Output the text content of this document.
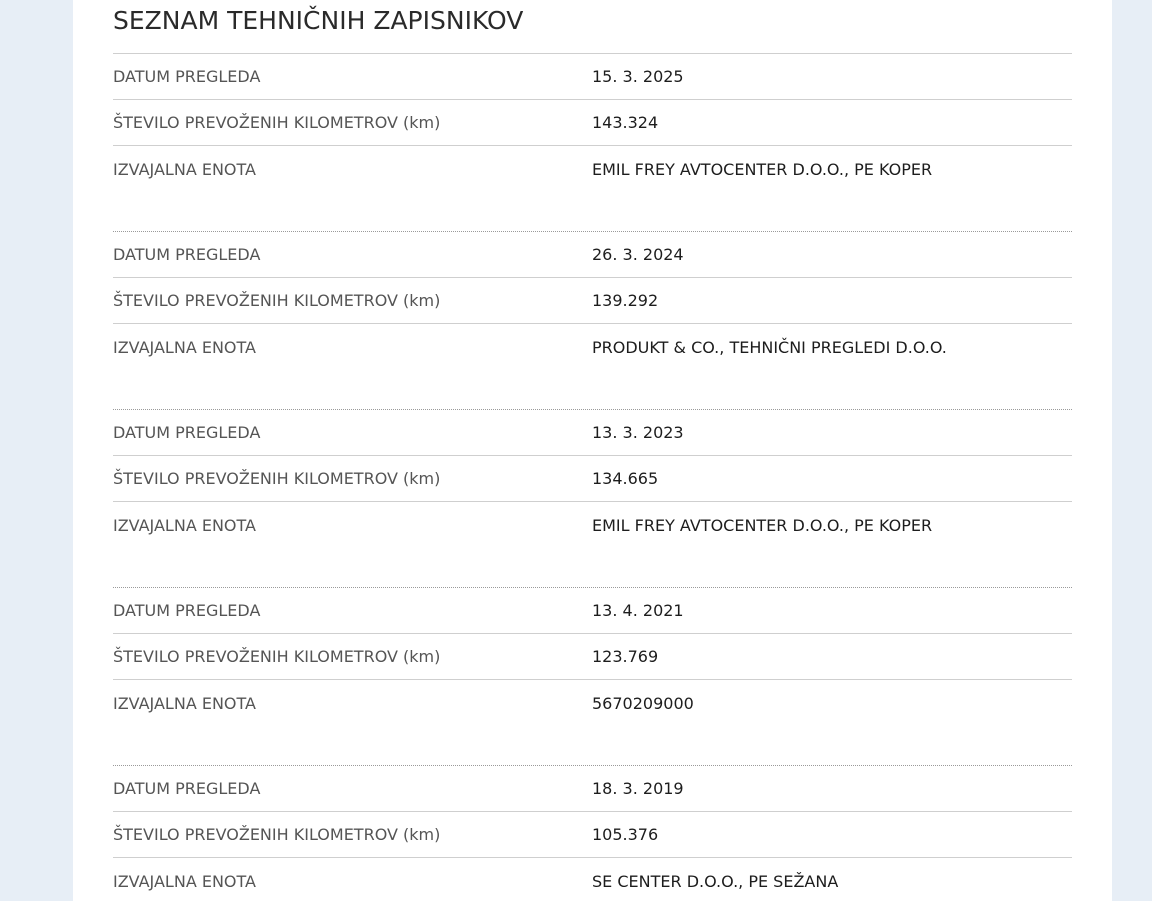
SEZNAM TEHNIČNIH ZAPISNIKOV
DATUM PREGLEDA	15. 3. 2025
ŠTEVILO PREVOŽENIH KILOMETROV (km)	143.324
IZVAJALNA ENOTA	EMIL FREY AVTOCENTER D.O.O., PE KOPER
DATUM PREGLEDA	26. 3. 2024
ŠTEVILO PREVOŽENIH KILOMETROV (km)	139.292
IZVAJALNA ENOTA	PRODUKT & CO., TEHNIČNI PREGLEDI D.O.O.
DATUM PREGLEDA	13. 3. 2023
ŠTEVILO PREVOŽENIH KILOMETROV (km)	134.665
IZVAJALNA ENOTA	EMIL FREY AVTOCENTER D.O.O., PE KOPER
DATUM PREGLEDA	13. 4. 2021
ŠTEVILO PREVOŽENIH KILOMETROV (km)	123.769
IZVAJALNA ENOTA	5670209000
DATUM PREGLEDA	18. 3. 2019
ŠTEVILO PREVOŽENIH KILOMETROV (km)	105.376
IZVAJALNA ENOTA	SE CENTER D.O.O., PE SEŽANA
